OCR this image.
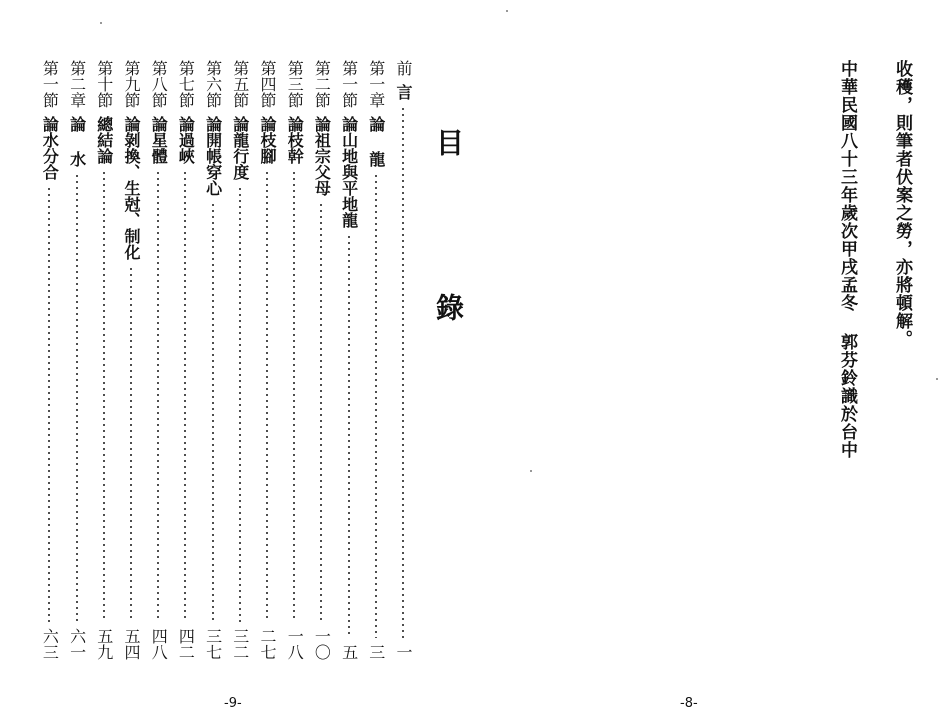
目 錄
前
言
一
第一章
論 龍
三
第一節
論山地與平地龍
五
第二節
論祖宗父母
一〇
第三節
論枝幹
一八
第四節
論枝腳
二七
第五節
論龍行度
三二
第六節
論開帳穿心
三七
第七節
論過峽
四二
第八節
論星體
四八
第九節
論剝換、生尅、制化
五四
第十節
總結論
五九
第二章
論 水
六一
第一節
論水分合
六三
-9-
收穫，則筆者伏案之勞，亦將頓解。
中華民國八十三年歲次甲戌孟冬 郭芬鈴識於台中
-8-
